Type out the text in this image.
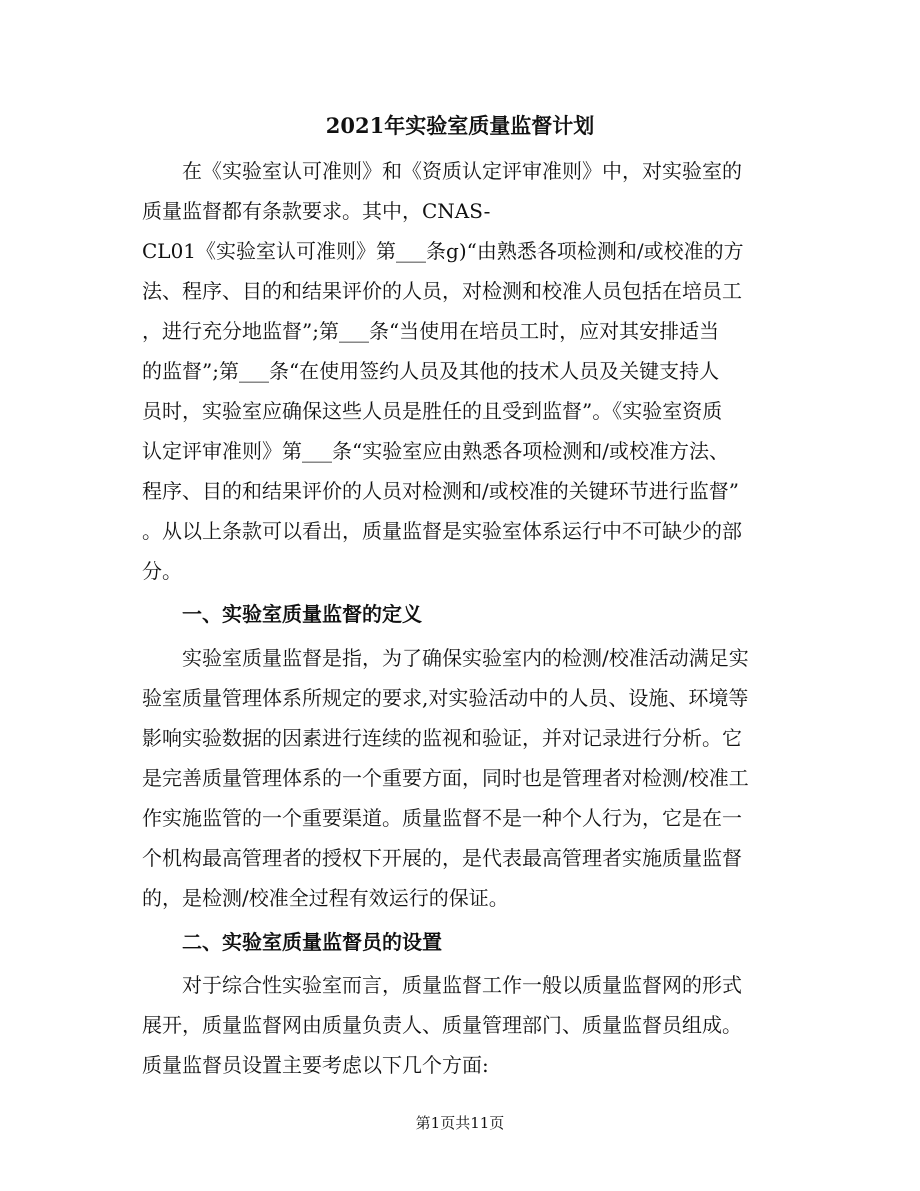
2021年实验室质量监督计划

在《实验室认可准则》和《资质认定评审准则》中，对实验室的

质量监督都有条款要求。其中，CNAS-

CL01《实验室认可准则》第___条g)“由熟悉各项检测和/或校准的方

法、程序、目的和结果评价的人员，对检测和校准人员包括在培员工

，进行充分地监督”;第___条“当使用在培员工时，应对其安排适当

的监督”;第___条“在使用签约人员及其他的技术人员及关键支持人

员时，实验室应确保这些人员是胜任的且受到监督”。《实验室资质

认定评审准则》第___条“实验室应由熟悉各项检测和/或校准方法、

程序、目的和结果评价的人员对检测和/或校准的关键环节进行监督”

。从以上条款可以看出，质量监督是实验室体系运行中不可缺少的部

分。

一、实验室质量监督的定义

实验室质量监督是指，为了确保实验室内的检测/校准活动满足实

验室质量管理体系所规定的要求,对实验活动中的人员、设施、环境等

影响实验数据的因素进行连续的监视和验证，并对记录进行分析。它

是完善质量管理体系的一个重要方面，同时也是管理者对检测/校准工

作实施监管的一个重要渠道。质量监督不是一种个人行为，它是在一

个机构最高管理者的授权下开展的，是代表最高管理者实施质量监督

的，是检测/校准全过程有效运行的保证。

二、实验室质量监督员的设置

对于综合性实验室而言，质量监督工作一般以质量监督网的形式

展开，质量监督网由质量负责人、质量管理部门、质量监督员组成。

质量监督员设置主要考虑以下几个方面:

第1页共11页
